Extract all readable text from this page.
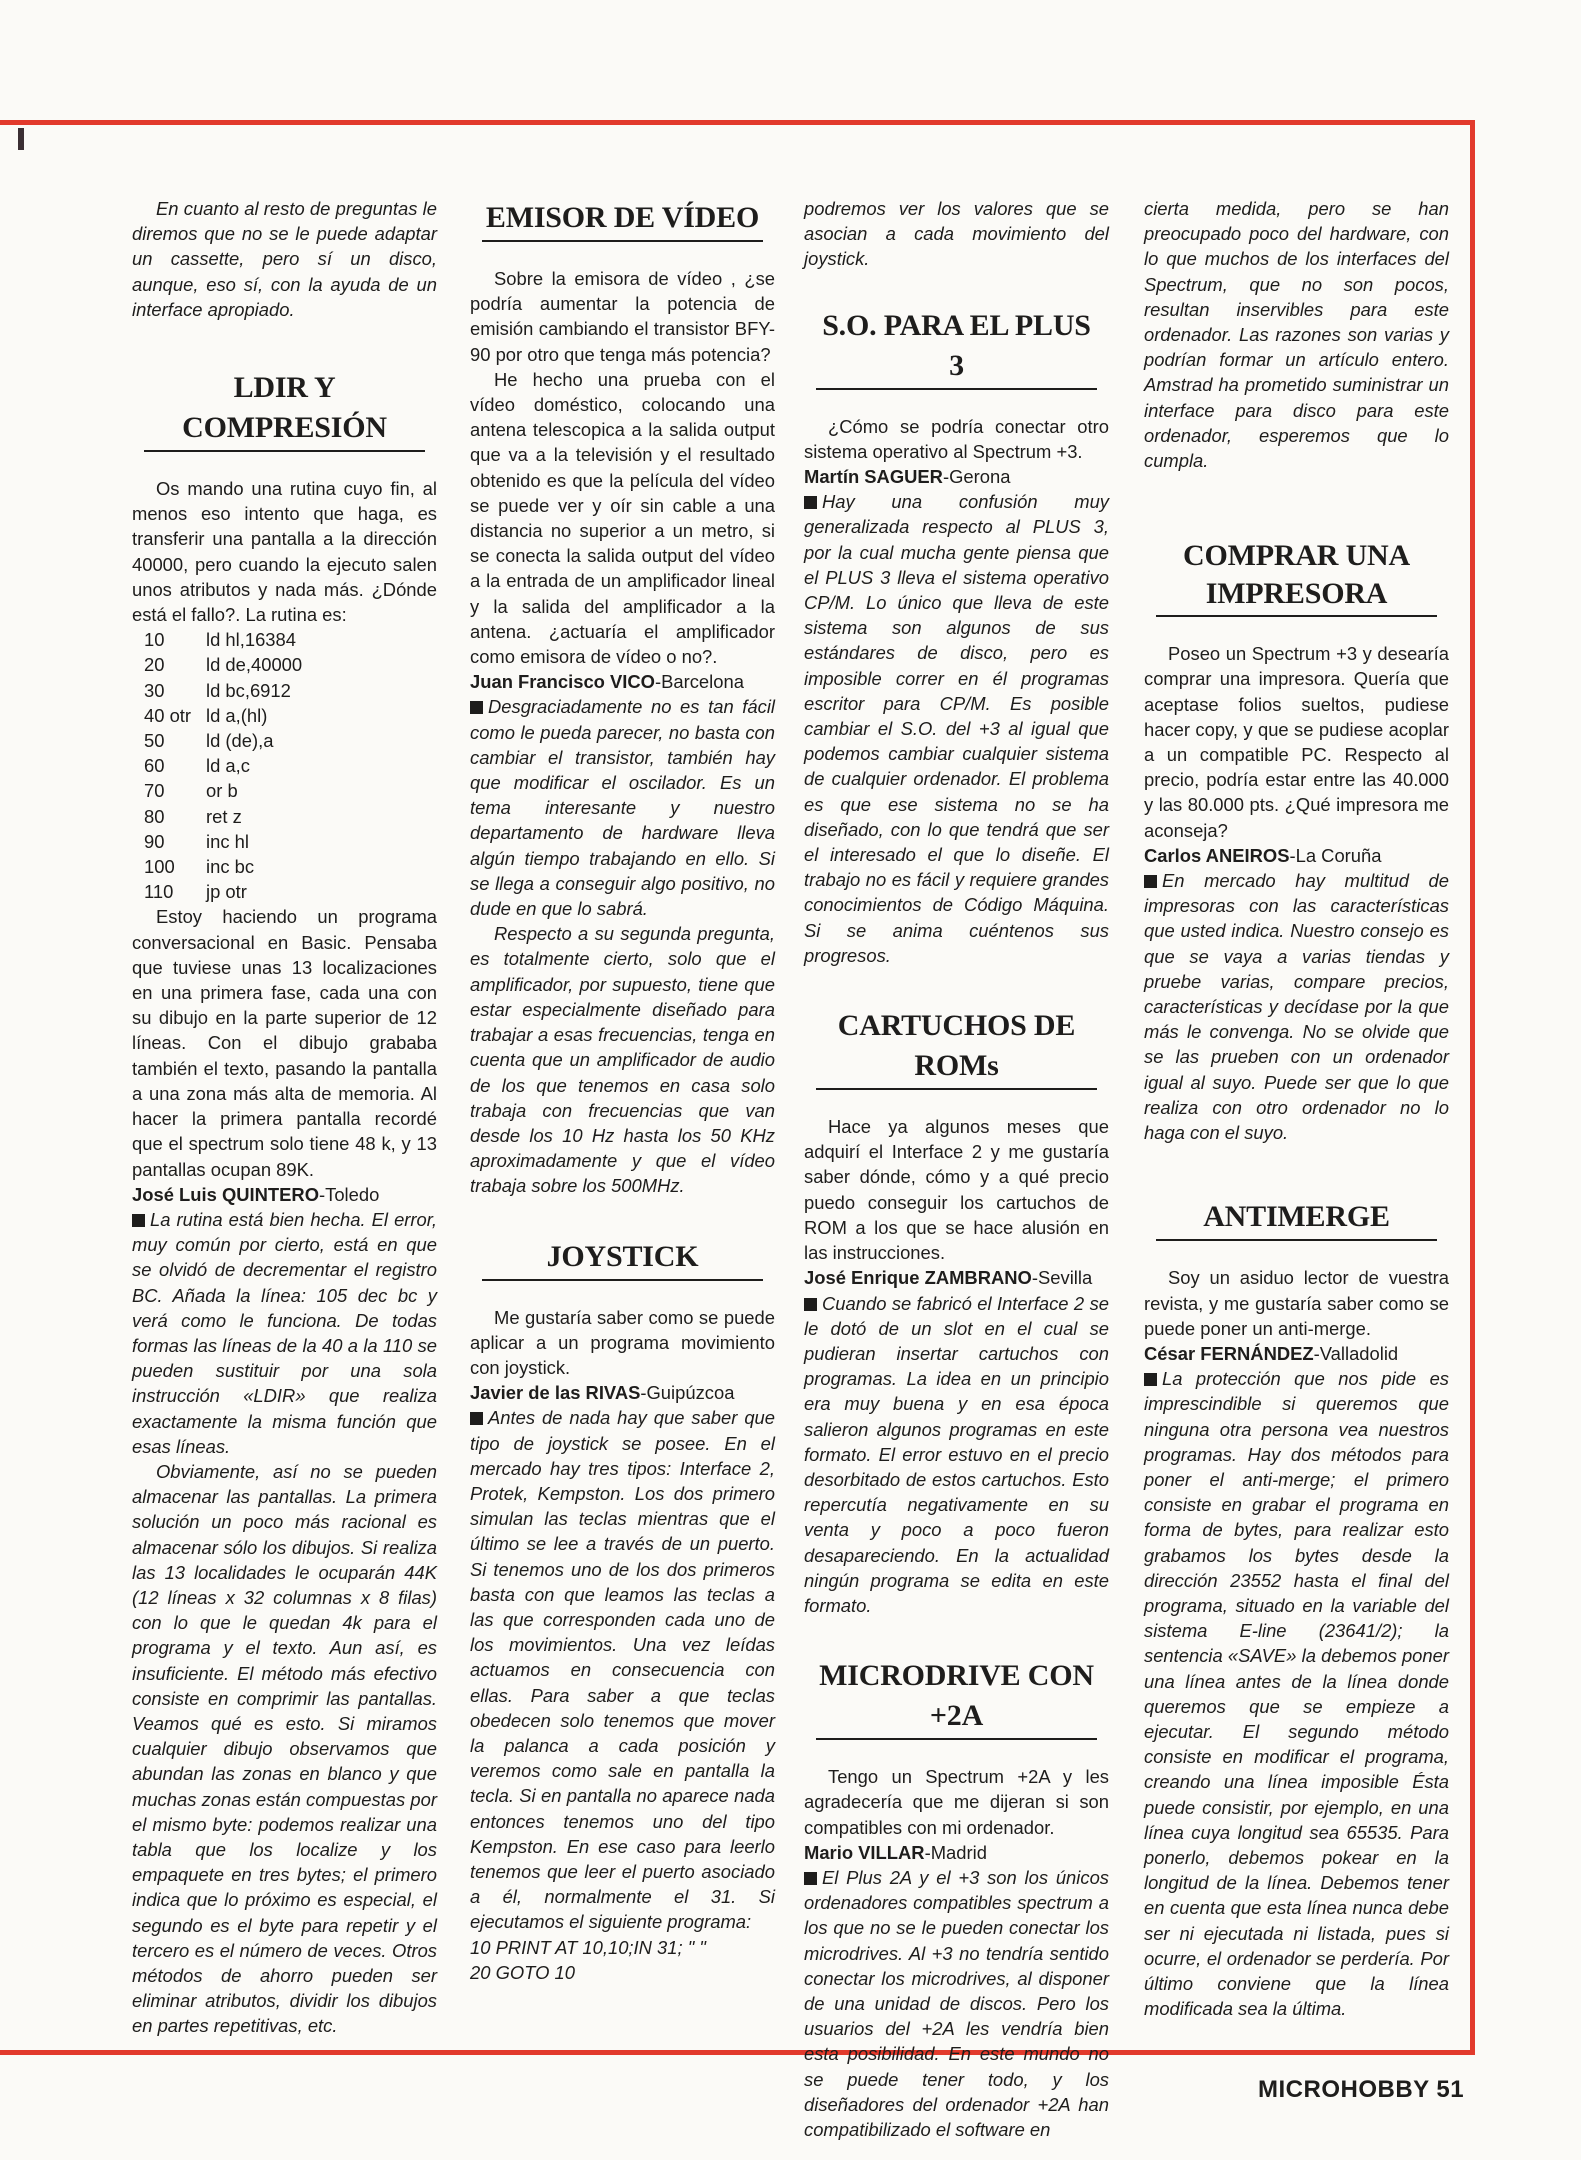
En cuanto al resto de preguntas le diremos que no se le puede adaptar un cassette, pero sí un disco, aunque, eso sí, con la ayuda de un interface apropiado.

LDIR Y COMPRESIÓN

Os mando una rutina cuyo fin, al menos eso intento que haga, es transferir una pantalla a la dirección 40000, pero cuando la ejecuto salen unos atributos y nada más. ¿Dónde está el fallo?. La rutina es:

10	ld hl,16384
20	ld de,40000
30	ld bc,6912
40 otr	ld a,(hl)
50	ld (de),a
60	ld a,c
70	or b
80	ret z
90	inc hl
100	inc bc
110	jp otr

Estoy haciendo un programa conversacional en Basic. Pensaba que tuviese unas 13 localizaciones en una primera fase, cada una con su dibujo en la parte superior de 12 líneas. Con el dibujo grababa también el texto, pasando la pantalla a una zona más alta de memoria. Al hacer la primera pantalla recordé que el spectrum solo tiene 48 k, y 13 pantallas ocupan 89K.

José Luis QUINTERO-Toledo

La rutina está bien hecha. El error, muy común por cierto, está en que se olvidó de decrementar el registro BC. Añada la línea: 105 dec bc y verá como le funciona. De todas formas las líneas de la 40 a la 110 se pueden sustituir por una sola instrucción «LDIR» que realiza exactamente la misma función que esas líneas.

Obviamente, así no se pueden almacenar las pantallas. La primera solución un poco más racional es almacenar sólo los dibujos. Si realiza las 13 localidades le ocuparán 44K (12 líneas x 32 columnas x 8 filas) con lo que le quedan 4k para el programa y el texto. Aun así, es insuficiente. El método más efectivo consiste en comprimir las pantallas. Veamos qué es esto. Si miramos cualquier dibujo observamos que abundan las zonas en blanco y que muchas zonas están compuestas por el mismo byte: podemos realizar una tabla que los localize y los empaquete en tres bytes; el primero indica que lo próximo es especial, el segundo es el byte para repetir y el tercero es el número de veces. Otros métodos de ahorro pueden ser eliminar atributos, dividir los dibujos en partes repetitivas, etc.

EMISOR DE VÍDEO

Sobre la emisora de vídeo , ¿se podría aumentar la potencia de emisión cambiando el transistor BFY-90 por otro que tenga más potencia?

He hecho una prueba con el vídeo doméstico, colocando una antena telescopica a la salida output que va a la televisión y el resultado obtenido es que la película del vídeo se puede ver y oír sin cable a una distancia no superior a un metro, si se conecta la salida output del vídeo a la entrada de un amplificador lineal y la salida del amplificador a la antena. ¿actuaría el amplificador como emisora de vídeo o no?.

Juan Francisco VICO-Barcelona

Desgraciadamente no es tan fácil como le pueda parecer, no basta con cambiar el transistor, también hay que modificar el oscilador. Es un tema interesante y nuestro departamento de hardware lleva algún tiempo trabajando en ello. Si se llega a conseguir algo positivo, no dude en que lo sabrá.

Respecto a su segunda pregunta, es totalmente cierto, solo que el amplificador, por supuesto, tiene que estar especialmente diseñado para trabajar a esas frecuencias, tenga en cuenta que un amplificador de audio de los que tenemos en casa solo trabaja con frecuencias que van desde los 10 Hz hasta los 50 KHz aproximadamente y que el vídeo trabaja sobre los 500MHz.

JOYSTICK

Me gustaría saber como se puede aplicar a un programa movimiento con joystick.

Javier de las RIVAS-Guipúzcoa

Antes de nada hay que saber que tipo de joystick se posee. En el mercado hay tres tipos: Interface 2, Protek, Kempston. Los dos primero simulan las teclas mientras que el último se lee a través de un puerto. Si tenemos uno de los dos primeros basta con que leamos las teclas a las que corresponden cada uno de los movimientos. Una vez leídas actuamos en consecuencia con ellas. Para saber a que teclas obedecen solo tenemos que mover la palanca a cada posición y veremos como sale en pantalla la tecla. Si en pantalla no aparece nada entonces tenemos uno del tipo Kempston. En ese caso para leerlo tenemos que leer el puerto asociado a él, normalmente el 31. Si ejecutamos el siguiente programa:

10 PRINT AT 10,10;IN 31; " "

20 GOTO 10

podremos ver los valores que se asocian a cada movimiento del joystick.

S.O. PARA EL PLUS 3

¿Cómo se podría conectar otro sistema operativo al Spectrum +3.

Martín SAGUER-Gerona

Hay una confusión muy generalizada respecto al PLUS 3, por la cual mucha gente piensa que el PLUS 3 lleva el sistema operativo CP/M. Lo único que lleva de este sistema son algunos de sus estándares de disco, pero es imposible correr en él programas escritor para CP/M. Es posible cambiar el S.O. del +3 al igual que podemos cambiar cualquier sistema de cualquier ordenador. El problema es que ese sistema no se ha diseñado, con lo que tendrá que ser el interesado el que lo diseñe. El trabajo no es fácil y requiere grandes conocimientos de Código Máquina. Si se anima cuéntenos sus progresos.

CARTUCHOS DE ROMs

Hace ya algunos meses que adquirí el Interface 2 y me gustaría saber dónde, cómo y a qué precio puedo conseguir los cartuchos de ROM a los que se hace alusión en las instrucciones.

José Enrique ZAMBRANO-Sevilla

Cuando se fabricó el Interface 2 se le dotó de un slot en el cual se pudieran insertar cartuchos con programas. La idea en un principio era muy buena y en esa época salieron algunos programas en este formato. El error estuvo en el precio desorbitado de estos cartuchos. Esto repercutía negativamente en su venta y poco a poco fueron desapareciendo. En la actualidad ningún programa se edita en este formato.

MICRODRIVE CON +2A

Tengo un Spectrum +2A y les agradecería que me dijeran si son compatibles con mi ordenador.

Mario VILLAR-Madrid

El Plus 2A y el +3 son los únicos ordenadores compatibles spectrum a los que no se le pueden conectar los microdrives. Al +3 no tendría sentido conectar los microdrives, al disponer de una unidad de discos. Pero los usuarios del +2A les vendría bien esta posibilidad. En este mundo no se puede tener todo, y los diseñadores del ordenador +2A han compatibilizado el software en

cierta medida, pero se han preocupado poco del hardware, con lo que muchos de los interfaces del Spectrum, que no son pocos, resultan inservibles para este ordenador. Las razones son varias y podrían formar un artículo entero. Amstrad ha prometido suministrar un interface para disco para este ordenador, esperemos que lo cumpla.

COMPRAR UNA IMPRESORA

Poseo un Spectrum +3 y desearía comprar una impresora. Quería que aceptase folios sueltos, pudiese hacer copy, y que se pudiese acoplar a un compatible PC. Respecto al precio, podría estar entre las 40.000 y las 80.000 pts. ¿Qué impresora me aconseja?

Carlos ANEIROS-La Coruña

En mercado hay multitud de impresoras con las características que usted indica. Nuestro consejo es que se vaya a varias tiendas y pruebe varias, compare precios, características y decídase por la que más le convenga. No se olvide que se las prueben con un ordenador igual al suyo. Puede ser que lo que realiza con otro ordenador no lo haga con el suyo.

ANTIMERGE

Soy un asiduo lector de vuestra revista, y me gustaría saber como se puede poner un anti-merge.

César FERNÁNDEZ-Valladolid

La protección que nos pide es imprescindible si queremos que ninguna otra persona vea nuestros programas. Hay dos métodos para poner el anti-merge; el primero consiste en grabar el programa en forma de bytes, para realizar esto grabamos los bytes desde la dirección 23552 hasta el final del programa, situado en la variable del sistema E-line (23641/2); la sentencia «SAVE» la debemos poner una línea antes de la línea donde queremos que se empieze a ejecutar. El segundo método consiste en modificar el programa, creando una línea imposible Ésta puede consistir, por ejemplo, en una línea cuya longitud sea 65535. Para ponerlo, debemos pokear en la longitud de la línea. Debemos tener en cuenta que esta línea nunca debe ser ni ejecutada ni listada, pues si ocurre, el ordenador se perdería. Por último conviene que la línea modificada sea la última.

MICROHOBBY 51
